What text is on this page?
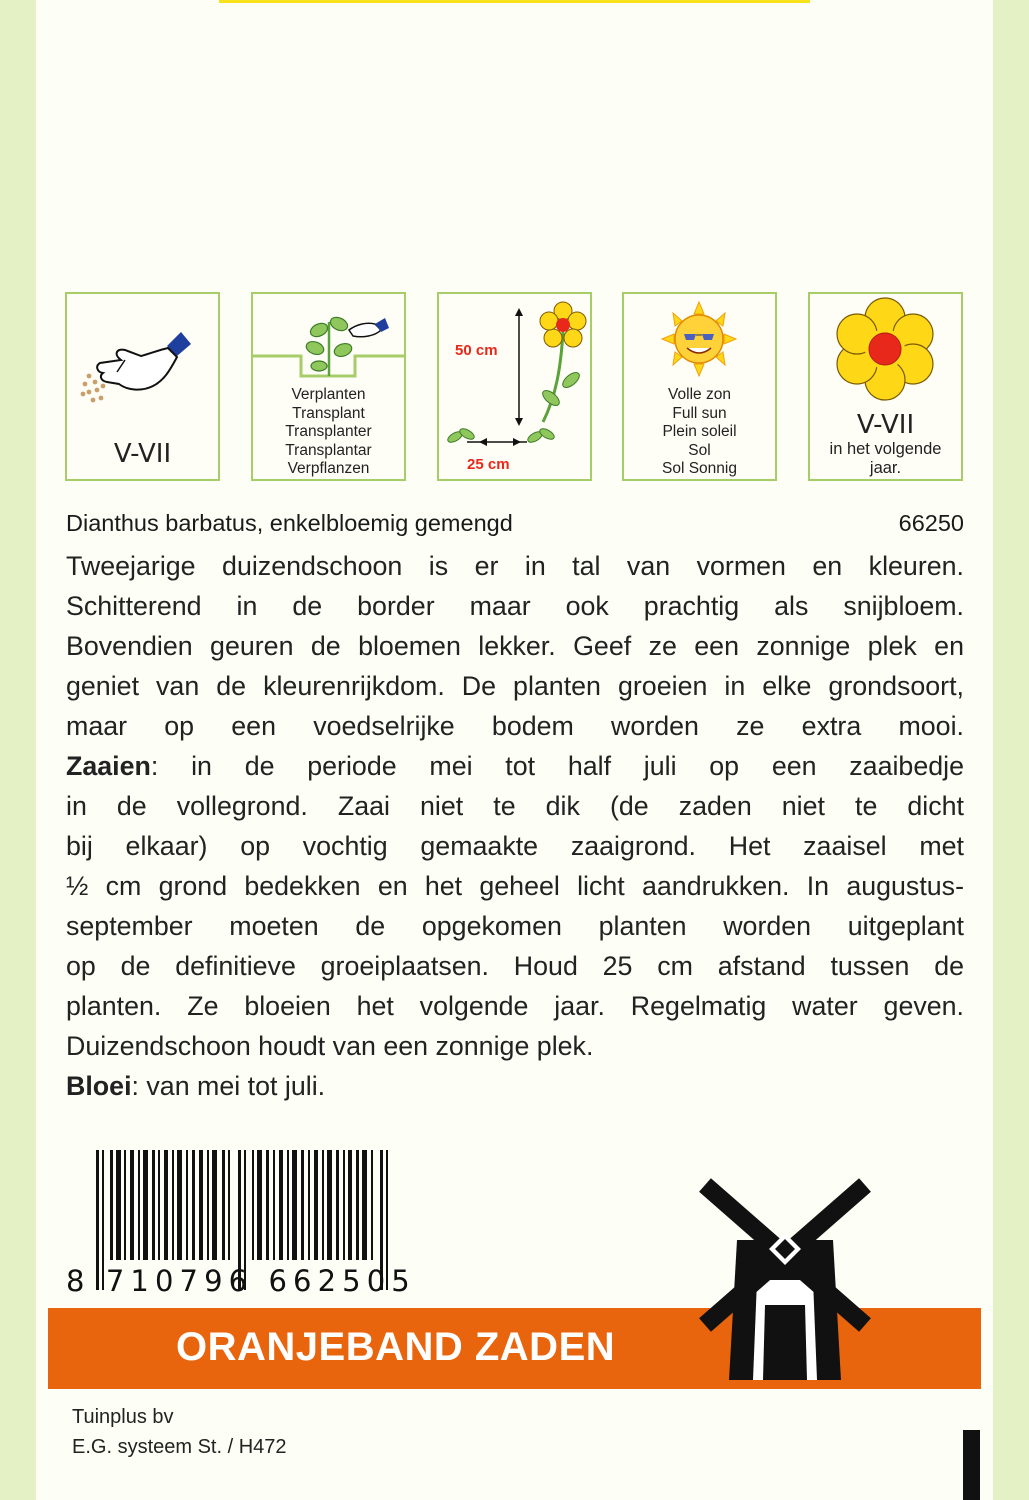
V-VII
Verplanten
Transplant
Transplanter
Transplantar
Verpflanzen
50 cm
25 cm
Volle zon
Full sun
Plein soleil
Sol
Sol Sonnig
V-VII
in het volgende
jaar.
Dianthus barbatus, enkelbloemig gemengd	66250
Tweejarige duizendschoon is er in tal van vormen en kleuren.
Schitterend in de border maar ook prachtig als snijbloem.
Bovendien geuren de bloemen lekker. Geef ze een zonnige plek en
geniet van de kleurenrijkdom. De planten groeien in elke grondsoort,
maar op een voedselrijke bodem worden ze extra mooi.
Zaaien: in de periode mei tot half juli op een zaaibedje
in de vollegrond. Zaai niet te dik (de zaden niet te dicht
bij elkaar) op vochtig gemaakte zaaigrond. Het zaaisel met
½ cm grond bedekken en het geheel licht aandrukken. In augustus-
september moeten de opgekomen planten worden uitgeplant
op de definitieve groeiplaatsen. Houd 25 cm afstand tussen de
planten. Ze bloeien het volgende jaar. Regelmatig water geven.
Duizendschoon houdt van een zonnige plek.
Bloei: van mei tot juli.
8 710796 662505
ORANJEBAND ZADEN
Tuinplus bv
E.G. systeem St. / H472
